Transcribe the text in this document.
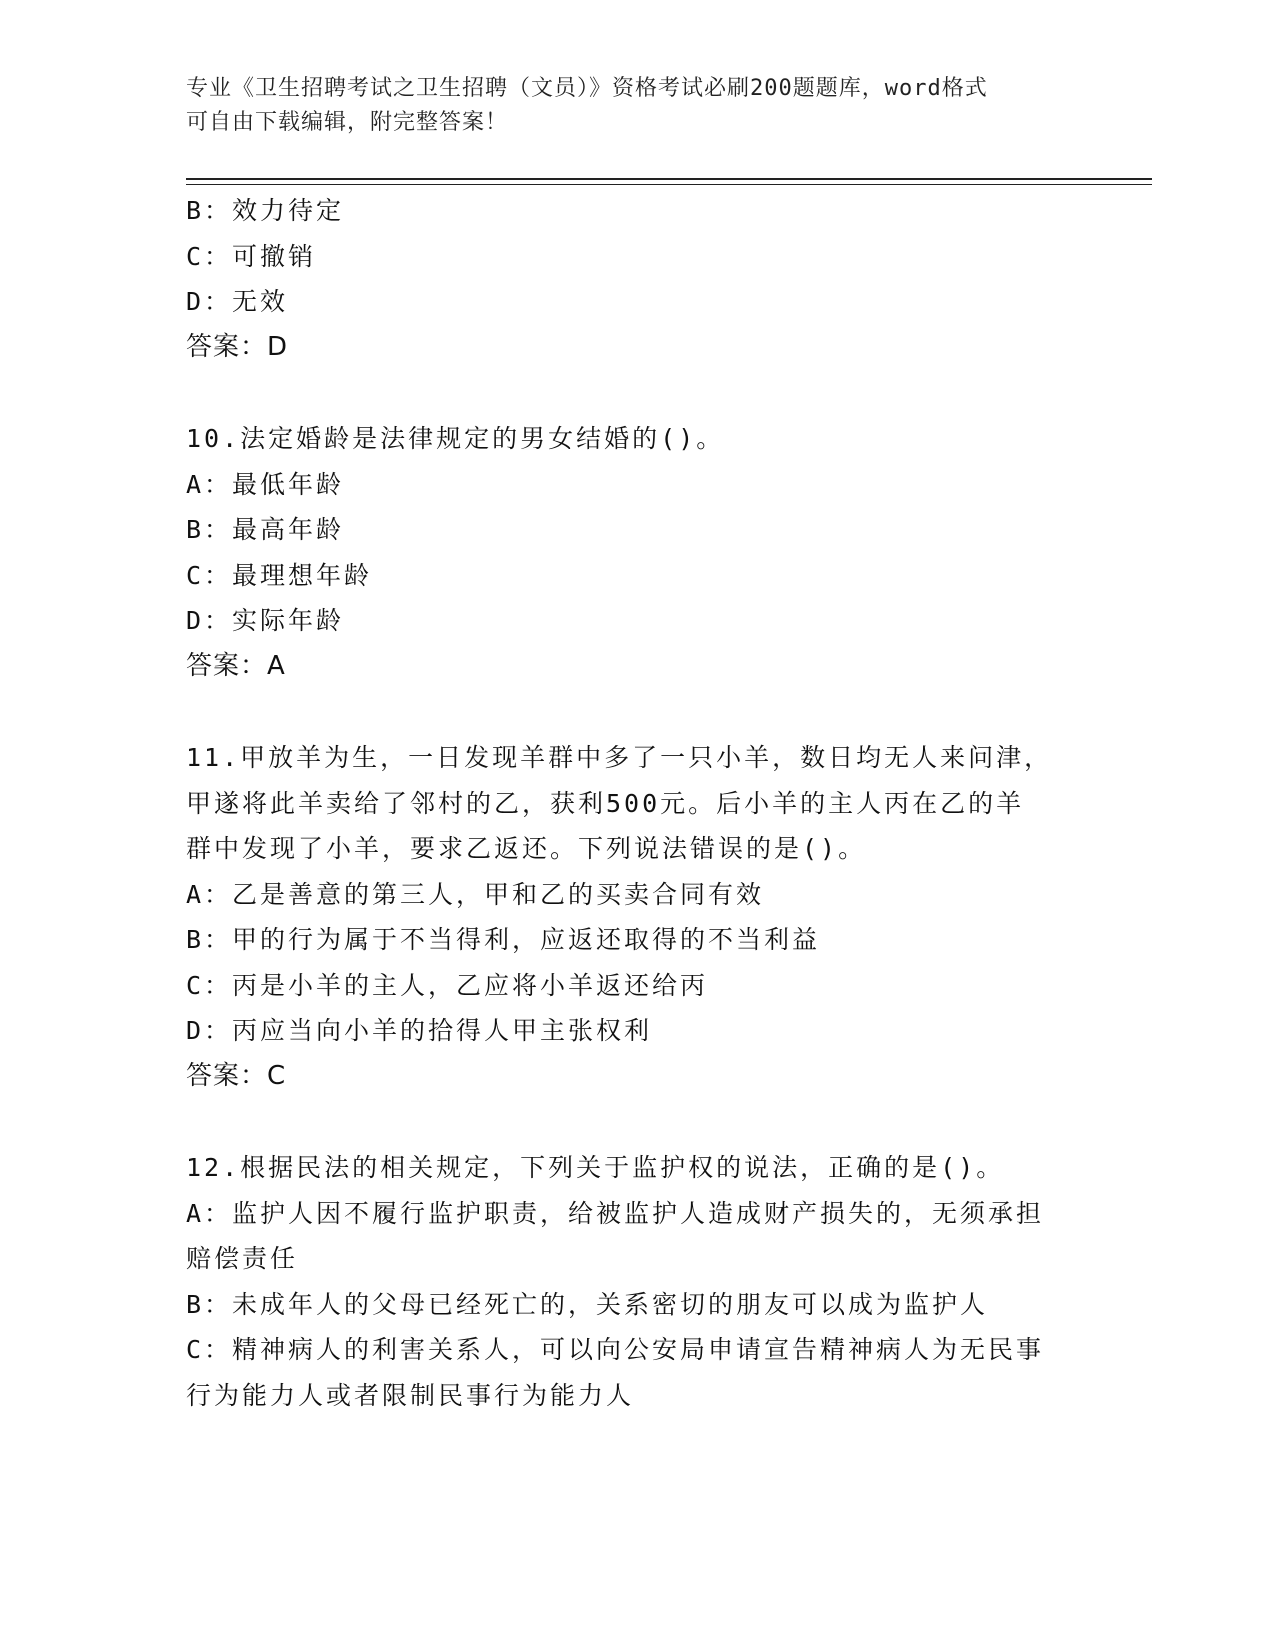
专业《卫生招聘考试之卫生招聘（文员）》资格考试必刷200题题库，word格式
可自由下载编辑，附完整答案！
B：效力待定
C：可撤销
D：无效
答案：D
10.法定婚龄是法律规定的男女结婚的()。
A：最低年龄
B：最高年龄
C：最理想年龄
D：实际年龄
答案：A
11.甲放羊为生，一日发现羊群中多了一只小羊，数日均无人来问津，
甲遂将此羊卖给了邻村的乙，获利500元。后小羊的主人丙在乙的羊
群中发现了小羊，要求乙返还。下列说法错误的是()。
A：乙是善意的第三人，甲和乙的买卖合同有效
B：甲的行为属于不当得利，应返还取得的不当利益
C：丙是小羊的主人，乙应将小羊返还给丙
D：丙应当向小羊的拾得人甲主张权利
答案：C
12.根据民法的相关规定，下列关于监护权的说法，正确的是()。
A：监护人因不履行监护职责，给被监护人造成财产损失的，无须承担
赔偿责任
B：未成年人的父母已经死亡的，关系密切的朋友可以成为监护人
C：精神病人的利害关系人，可以向公安局申请宣告精神病人为无民事
行为能力人或者限制民事行为能力人
